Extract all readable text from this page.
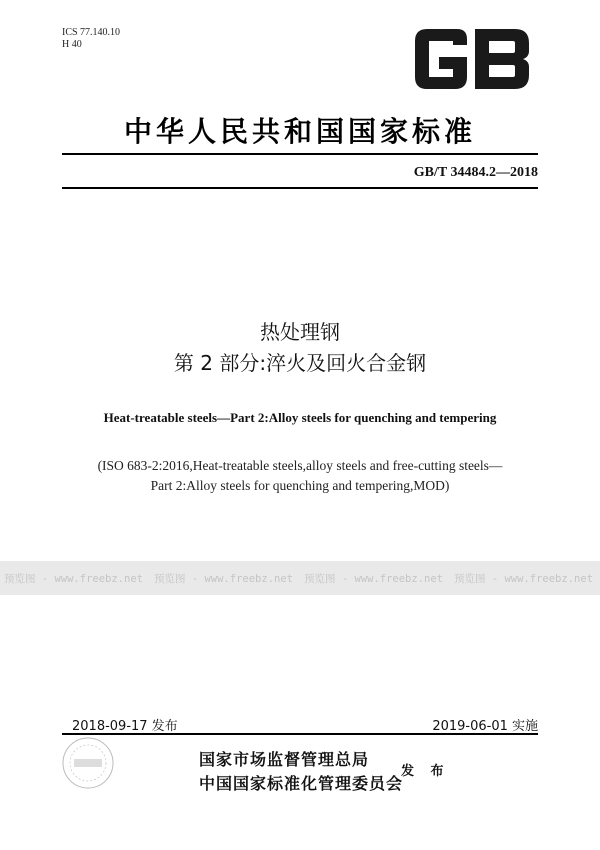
ICS 77.140.10
H 40
中华人民共和国国家标准
GB/T 34484.2—2018
热处理钢
第 2 部分:淬火及回火合金钢
Heat-treatable steels—Part 2:Alloy steels for quenching and tempering
(ISO 683-2:2016,Heat-treatable steels,alloy steels and free-cutting steels—
Part 2:Alloy steels for quenching and tempering,MOD)
预览图 - www.freebz.net 预览图 - www.freebz.net 预览图 - www.freebz.net 预览图 - www.freebz.net
2018-09-17 发布	2019-06-01 实施
国家市场监督管理总局
中国国家标准化管理委员会
发 布
